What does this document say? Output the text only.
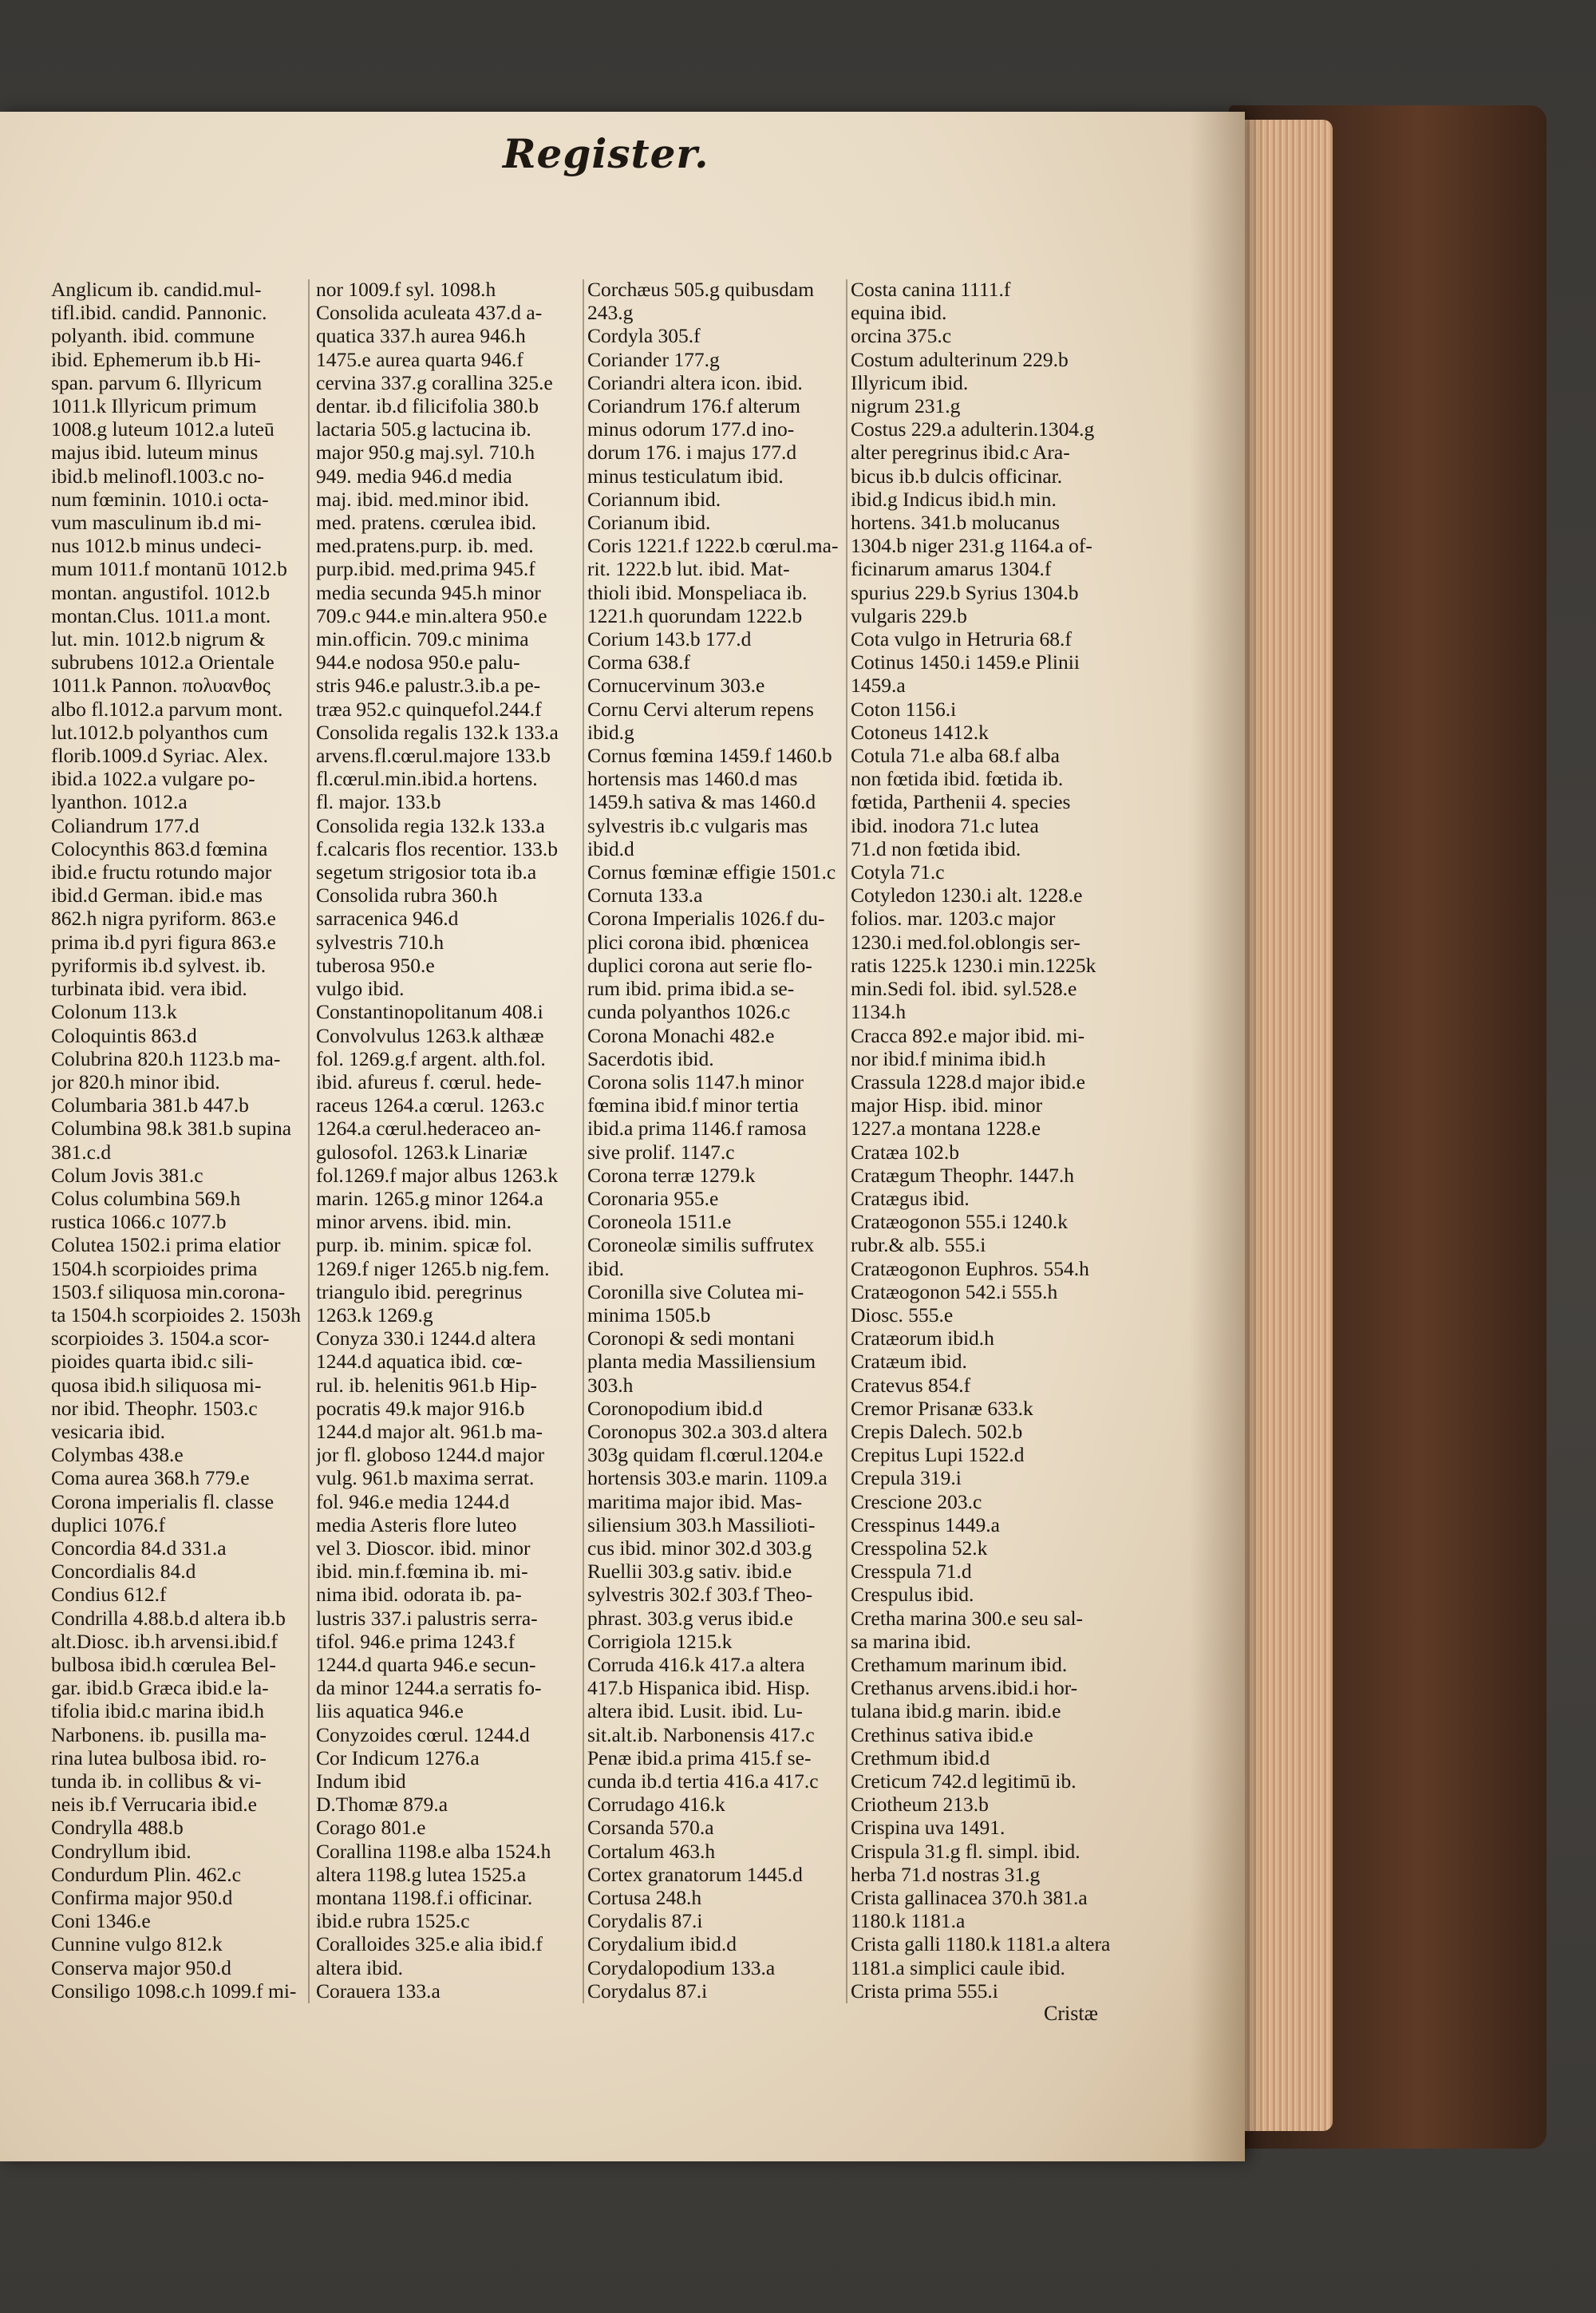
Register.
Anglicum ib. candid.mul-
tifl.ibid. candid. Pannonic.
polyanth. ibid. commune
ibid. Ephemerum ib.b Hi-
span. parvum 6. Illyricum
1011.k Illyricum primum
1008.g luteum 1012.a luteū
majus ibid. luteum minus
ibid.b melinofl.1003.c no-
num fœminin. 1010.i octa-
vum masculinum ib.d mi-
nus 1012.b minus undeci-
mum 1011.f montanū 1012.b
montan. angustifol. 1012.b
montan.Clus. 1011.a mont.
lut. min. 1012.b nigrum &
subrubens 1012.a Orientale
1011.k Pannon. πολυανθος
albo fl.1012.a parvum mont.
lut.1012.b polyanthos cum
florib.1009.d Syriac. Alex.
ibid.a 1022.a vulgare po-
lyanthon. 1012.a
Coliandrum 177.d
Colocynthis 863.d fœmina
ibid.e fructu rotundo major
ibid.d German. ibid.e mas
862.h nigra pyriform. 863.e
prima ib.d pyri figura 863.e
pyriformis ib.d sylvest. ib.
turbinata ibid. vera ibid.
Colonum 113.k
Coloquintis 863.d
Colubrina 820.h 1123.b ma-
jor 820.h minor ibid.
Columbaria 381.b 447.b
Columbina 98.k 381.b supina
381.c.d
Colum Jovis 381.c
Colus columbina 569.h
rustica 1066.c 1077.b
Colutea 1502.i prima elatior
1504.h scorpioides prima
1503.f siliquosa min.corona-
ta 1504.h scorpioides 2. 1503h
scorpioides 3. 1504.a scor-
pioides quarta ibid.c sili-
quosa ibid.h siliquosa mi-
nor ibid. Theophr. 1503.c
vesicaria ibid.
Colymbas 438.e
Coma aurea 368.h 779.e
Corona imperialis fl. classe
duplici 1076.f
Concordia 84.d 331.a
Concordialis 84.d
Condius 612.f
Condrilla 4.88.b.d altera ib.b
alt.Diosc. ib.h arvensi.ibid.f
bulbosa ibid.h cœrulea Bel-
gar. ibid.b Græca ibid.e la-
tifolia ibid.c marina ibid.h
Narbonens. ib. pusilla ma-
rina lutea bulbosa ibid. ro-
tunda ib. in collibus & vi-
neis ib.f Verrucaria ibid.e
Condrylla 488.b
Condryllum ibid.
Condurdum Plin. 462.c
Confirma major 950.d
Coni 1346.e
Cunnine vulgo 812.k
Conserva major 950.d
Consiligo 1098.c.h 1099.f mi-
nor 1009.f syl. 1098.h
Consolida aculeata 437.d a-
quatica 337.h aurea 946.h
1475.e aurea quarta 946.f
cervina 337.g corallina 325.e
dentar. ib.d filicifolia 380.b
lactaria 505.g lactucina ib.
major 950.g maj.syl. 710.h
949. media 946.d media
maj. ibid. med.minor ibid.
med. pratens. cœrulea ibid.
med.pratens.purp. ib. med.
purp.ibid. med.prima 945.f
media secunda 945.h minor
709.c 944.e min.altera 950.e
min.officin. 709.c minima
944.e nodosa 950.e palu-
stris 946.e palustr.3.ib.a pe-
træa 952.c quinquefol.244.f
Consolida regalis 132.k 133.a
arvens.fl.cœrul.majore 133.b
fl.cœrul.min.ibid.a hortens.
fl. major. 133.b
Consolida regia 132.k 133.a
f.calcaris flos recentior. 133.b
segetum strigosior tota ib.a
Consolida rubra 360.h
sarracenica 946.d
sylvestris 710.h
tuberosa 950.e
vulgo ibid.
Constantinopolitanum 408.i
Convolvulus 1263.k althææ
fol. 1269.g.f argent. alth.fol.
ibid. afureus f. cœrul. hede-
raceus 1264.a cœrul. 1263.c
1264.a cœrul.hederaceo an-
gulosofol. 1263.k Linariæ
fol.1269.f major albus 1263.k
marin. 1265.g minor 1264.a
minor arvens. ibid. min.
purp. ib. minim. spicæ fol.
1269.f niger 1265.b nig.fem.
triangulo ibid. peregrinus
1263.k 1269.g
Conyza 330.i 1244.d altera
1244.d aquatica ibid. cœ-
rul. ib. helenitis 961.b Hip-
pocratis 49.k major 916.b
1244.d major alt. 961.b ma-
jor fl. globoso 1244.d major
vulg. 961.b maxima serrat.
fol. 946.e media 1244.d
media Asteris flore luteo
vel 3. Dioscor. ibid. minor
ibid. min.f.fœmina ib. mi-
nima ibid. odorata ib. pa-
lustris 337.i palustris serra-
tifol. 946.e prima 1243.f
1244.d quarta 946.e secun-
da minor 1244.a serratis fo-
liis aquatica 946.e
Conyzoides cœrul. 1244.d
Cor Indicum 1276.a
Indum ibid
D.Thomæ 879.a
Corago 801.e
Corallina 1198.e alba 1524.h
altera 1198.g lutea 1525.a
montana 1198.f.i officinar.
ibid.e rubra 1525.c
Coralloides 325.e alia ibid.f
altera ibid.
Corauera 133.a
Corchæus 505.g quibusdam
243.g
Cordyla 305.f
Coriander 177.g
Coriandri altera icon. ibid.
Coriandrum 176.f alterum
minus odorum 177.d ino-
dorum 176. i majus 177.d
minus testiculatum ibid.
Coriannum ibid.
Corianum ibid.
Coris 1221.f 1222.b cœrul.ma-
rit. 1222.b lut. ibid. Mat-
thioli ibid. Monspeliaca ib.
1221.h quorundam 1222.b
Corium 143.b 177.d
Corma 638.f
Cornucervinum 303.e
Cornu Cervi alterum repens
ibid.g
Cornus fœmina 1459.f 1460.b
hortensis mas 1460.d mas
1459.h sativa & mas 1460.d
sylvestris ib.c vulgaris mas
ibid.d
Cornus fœminæ effigie 1501.c
Cornuta 133.a
Corona Imperialis 1026.f du-
plici corona ibid. phœnicea
duplici corona aut serie flo-
rum ibid. prima ibid.a se-
cunda polyanthos 1026.c
Corona Monachi 482.e
Sacerdotis ibid.
Corona solis 1147.h minor
fœmina ibid.f minor tertia
ibid.a prima 1146.f ramosa
sive prolif. 1147.c
Corona terræ 1279.k
Coronaria 955.e
Coroneola 1511.e
Coroneolæ similis suffrutex
ibid.
Coronilla sive Colutea mi-
minima 1505.b
Coronopi & sedi montani
planta media Massiliensium
303.h
Coronopodium ibid.d
Coronopus 302.a 303.d altera
303g quidam fl.cœrul.1204.e
hortensis 303.e marin. 1109.a
maritima major ibid. Mas-
siliensium 303.h Massilioti-
cus ibid. minor 302.d 303.g
Ruellii 303.g sativ. ibid.e
sylvestris 302.f 303.f Theo-
phrast. 303.g verus ibid.e
Corrigiola 1215.k
Corruda 416.k 417.a altera
417.b Hispanica ibid. Hisp.
altera ibid. Lusit. ibid. Lu-
sit.alt.ib. Narbonensis 417.c
Penæ ibid.a prima 415.f se-
cunda ib.d tertia 416.a 417.c
Corrudago 416.k
Corsanda 570.a
Cortalum 463.h
Cortex granatorum 1445.d
Cortusa 248.h
Corydalis 87.i
Corydalium ibid.d
Corydalopodium 133.a
Corydalus 87.i
Costa canina 1111.f
equina ibid.
orcina 375.c
Costum adulterinum 229.b
Illyricum ibid.
nigrum 231.g
Costus 229.a adulterin.1304.g
alter peregrinus ibid.c Ara-
bicus ib.b dulcis officinar.
ibid.g Indicus ibid.h min.
hortens. 341.b molucanus
1304.b niger 231.g 1164.a of-
ficinarum amarus 1304.f
spurius 229.b Syrius 1304.b
vulgaris 229.b
Cota vulgo in Hetruria 68.f
Cotinus 1450.i 1459.e Plinii
1459.a
Coton 1156.i
Cotoneus 1412.k
Cotula 71.e alba 68.f alba
non fœtida ibid. fœtida ib.
fœtida, Parthenii 4. species
ibid. inodora 71.c lutea
71.d non fœtida ibid.
Cotyla 71.c
Cotyledon 1230.i alt. 1228.e
folios. mar. 1203.c major
1230.i med.fol.oblongis ser-
ratis 1225.k 1230.i min.1225k
min.Sedi fol. ibid. syl.528.e
1134.h
Cracca 892.e major ibid. mi-
nor ibid.f minima ibid.h
Crassula 1228.d major ibid.e
major Hisp. ibid. minor
1227.a montana 1228.e
Cratæa 102.b
Cratægum Theophr. 1447.h
Cratægus ibid.
Cratæogonon 555.i 1240.k
rubr.& alb. 555.i
Cratæogonon Euphros. 554.h
Cratæogonon 542.i 555.h
Diosc. 555.e
Cratæorum ibid.h
Cratæum ibid.
Cratevus 854.f
Cremor Prisanæ 633.k
Crepis Dalech. 502.b
Crepitus Lupi 1522.d
Crepula 319.i
Crescione 203.c
Cresspinus 1449.a
Cresspolina 52.k
Cresspula 71.d
Crespulus ibid.
Cretha marina 300.e seu sal-
sa marina ibid.
Crethamum marinum ibid.
Crethanus arvens.ibid.i hor-
tulana ibid.g marin. ibid.e
Crethinus sativa ibid.e
Crethmum ibid.d
Creticum 742.d legitimū ib.
Criotheum 213.b
Crispina uva 1491.
Crispula 31.g fl. simpl. ibid.
herba 71.d nostras 31.g
Crista gallinacea 370.h 381.a
1180.k 1181.a
Crista galli 1180.k 1181.a altera
1181.a simplici caule ibid.
Crista prima 555.i
Cristæ
